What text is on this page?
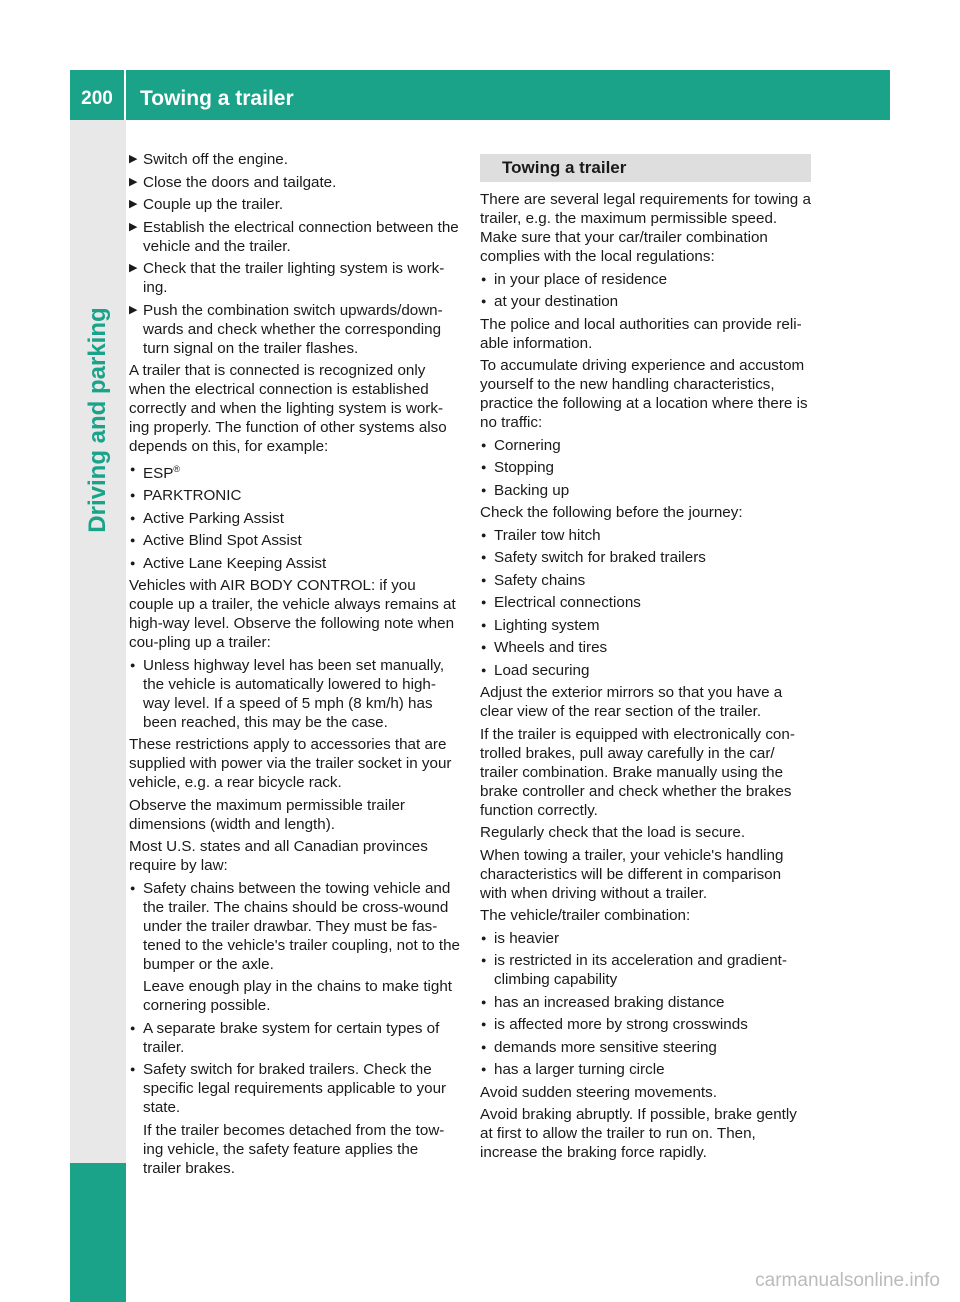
200	Towing a trailer
Driving and parking
▶ Switch off the engine.
▶ Close the doors and tailgate.
▶ Couple up the trailer.
▶ Establish the electrical connection between the vehicle and the trailer.
▶ Check that the trailer lighting system is work-ing.
▶ Push the combination switch upwards/down-wards and check whether the corresponding turn signal on the trailer flashes.

A trailer that is connected is recognized only when the electrical connection is established correctly and when the lighting system is work-ing properly. The function of other systems also depends on this, for example:

● ESP®
● PARKTRONIC
● Active Parking Assist
● Active Blind Spot Assist
● Active Lane Keeping Assist

Vehicles with AIR BODY CONTROL: if you couple up a trailer, the vehicle always remains at high-way level. Observe the following note when cou-pling up a trailer:

● Unless highway level has been set manually, the vehicle is automatically lowered to high-way level. If a speed of 5 mph (8 km/h) has been reached, this may be the case.

These restrictions apply to accessories that are supplied with power via the trailer socket in your vehicle, e.g. a rear bicycle rack.

Observe the maximum permissible trailer dimensions (width and length).

Most U.S. states and all Canadian provinces require by law:

● Safety chains between the towing vehicle and the trailer. The chains should be cross-wound under the trailer drawbar. They must be fas-tened to the vehicle's trailer coupling, not to the bumper or the axle.
Leave enough play in the chains to make tight cornering possible.
● A separate brake system for certain types of trailer.
● Safety switch for braked trailers. Check the specific legal requirements applicable to your state.
If the trailer becomes detached from the tow-ing vehicle, the safety feature applies the trailer brakes.
Towing a trailer

There are several legal requirements for towing a trailer, e.g. the maximum permissible speed. Make sure that your car/trailer combination complies with the local regulations:

● in your place of residence
● at your destination

The police and local authorities can provide reli-able information.

To accumulate driving experience and accustom yourself to the new handling characteristics, practice the following at a location where there is no traffic:

● Cornering
● Stopping
● Backing up

Check the following before the journey:

● Trailer tow hitch
● Safety switch for braked trailers
● Safety chains
● Electrical connections
● Lighting system
● Wheels and tires
● Load securing

Adjust the exterior mirrors so that you have a clear view of the rear section of the trailer.

If the trailer is equipped with electronically con-trolled brakes, pull away carefully in the car/ trailer combination. Brake manually using the brake controller and check whether the brakes function correctly.

Regularly check that the load is secure.

When towing a trailer, your vehicle's handling characteristics will be different in comparison with when driving without a trailer.

The vehicle/trailer combination:

● is heavier
● is restricted in its acceleration and gradient-climbing capability
● has an increased braking distance
● is affected more by strong crosswinds
● demands more sensitive steering
● has a larger turning circle

Avoid sudden steering movements.

Avoid braking abruptly. If possible, brake gently at first to allow the trailer to run on. Then, increase the braking force rapidly.

carmanualsonline.info
